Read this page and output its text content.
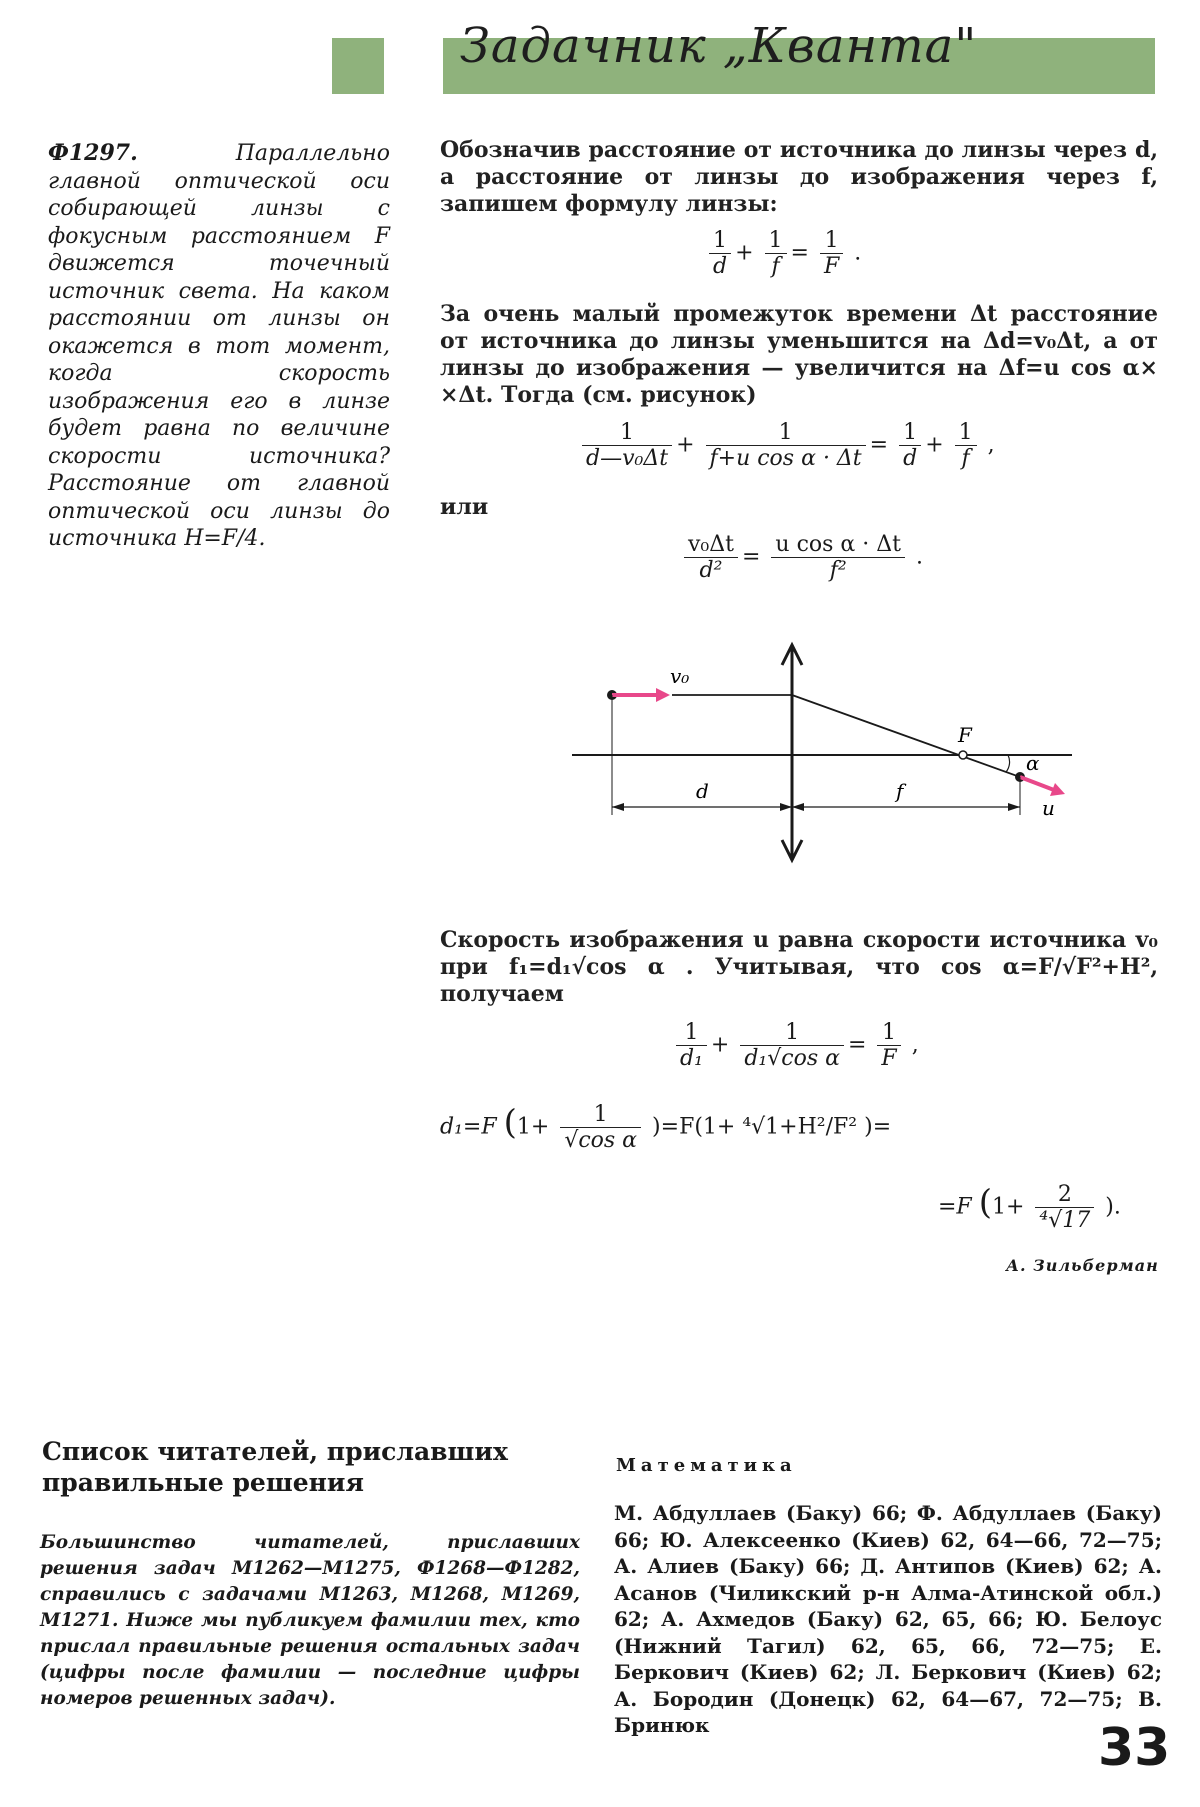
Задачник „Кванта"
Ф1297.	Параллельно главной оптической оси собирающей линзы с фокусным расстоянием F движется точечный источник света. На каком расстоянии от линзы он окажется в тот момент, когда скорость изображения его в линзе будет равна по величине скорости источника? Расстояние от главной оптической оси линзы до источника H=F/4.
Обозначив расстояние от источника до линзы через d, а расстояние от линзы до изображения через f, запишем формулу линзы:
$\frac{1}{d} + \frac{1}{f} = \frac{1}{F}$ .
За очень малый промежуток времени Δt расстояние от источника до линзы уменьшится на Δd=v₀Δt, а от линзы до изображения — увеличится на Δf=u cos α× ×Δt. Тогда (см. рисунок)
$\frac{1}{\text{d—v₀Δt}} + \frac{1}{\text{f+u cos α · Δt}} = \frac{1}{d} + \frac{1}{f}$ ,
или
$\frac{\text{v₀Δt}}{\text{d²}} = \frac{\text{u cos α · Δt}}{\text{f²}}$ .
v₀
F
α
d	f
u
Скорость изображения u равна скорости источника v₀ при f₁=d₁√cos α . Учитывая, что cos α=F/√F²+H², получаем
$\frac{1}{\text{d₁}} + \frac{1}{\text{d₁√cos α}} = \frac{1}{F}$ ,
d₁=F $(1+ \frac{1}{\text{√cos α}} )=F(1+ ^4√1+H^2/F^2$ )=
=F ($1+ \frac{2}{\text{⁴√17}}$ ).
А. Зильберман
Список читателей, приславших правильные решения
Большинство читателей, приславших решения задач М1262—М1275, Ф1268—Ф1282, справились с задачами М1263, М1268, М1269, М1271. Ниже мы публикуем фамилии тех, кто прислал правильные решения остальных задач (цифры после фамилии — последние цифры номеров решенных задач).
Математика
М. Абдуллаев (Баку) 66; Ф. Абдуллаев (Баку) 66; Ю. Алексеенко (Киев) 62, 64—66, 72—75; А. Алиев (Баку) 66; Д. Антипов (Киев) 62; А. Асанов (Чиликский р-н Алма-Атинской обл.) 62; А. Ахмедов (Баку) 62, 65, 66; Ю. Белоус (Нижний Тагил) 62, 65, 66, 72—75; Е. Беркович (Киев) 62; Л. Беркович (Киев) 62; А. Бородин (Донецк) 62, 64—67, 72—75; В. Бринюк	33
